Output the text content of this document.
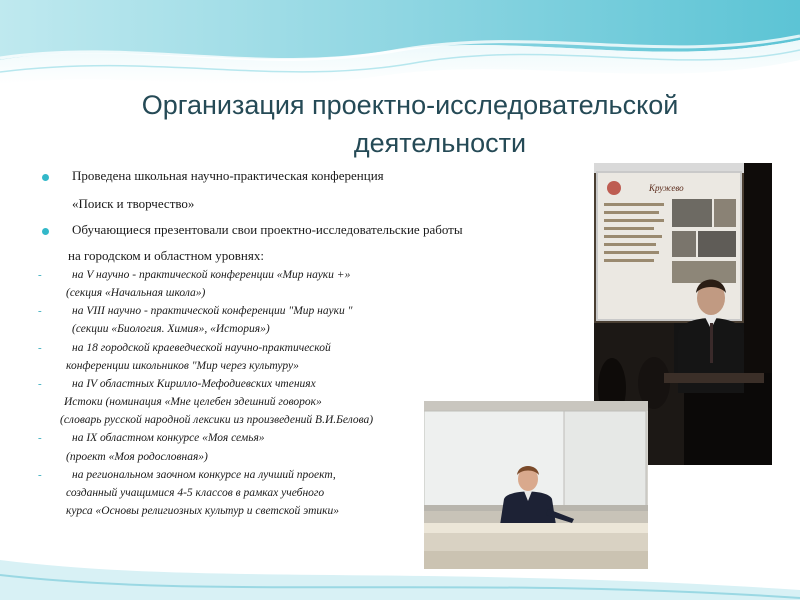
Организация проектно-исследовательской
деятельности
Проведена школьная научно-практическая конференция
«Поиск и творчество»
Обучающиеся презентовали свои проектно-исследовательские работы
на городском и областном уровнях:
-	на V научно - практической конференции «Мир науки +»
(секция «Начальная школа»)
-	на VIII научно - практической конференции "Мир науки "
(секции «Биология. Химия», «История»)
-	на 18 городской краеведческой научно-практической
конференции школьников "Мир через культуру»
-	на IV областных Кирилло-Мефодиевских чтениях
Истоки (номинация «Мне целебен здешний говорок»
(словарь русской народной лексики из произведений В.И.Белова)
-	на IX областном конкурсе «Моя семья»
(проект «Моя родословная»)
-	на региональном заочном конкурсе на лучший проект,
созданный учащимися 4-5 классов в рамках учебного
курса «Основы религиозных культур и светской этики»
Кружево
